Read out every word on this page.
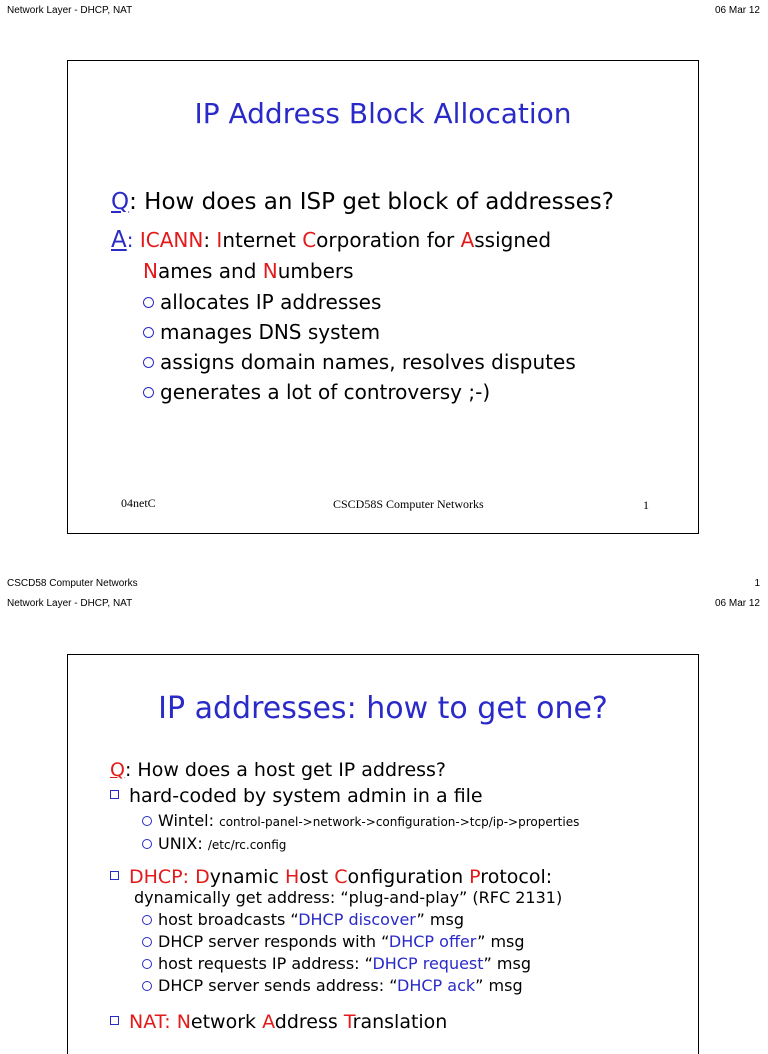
Network Layer - DHCP, NAT	06 Mar 12
IP Address Block Allocation
Q: How does an ISP get block of addresses?
A: ICANN: Internet Corporation for Assigned
Names and Numbers
allocates IP addresses
manages DNS system
assigns domain names, resolves disputes
generates a lot of controversy ;-)
04netC	CSCD58S Computer Networks	1
CSCD58 Computer Networks	1
Network Layer - DHCP, NAT	06 Mar 12
IP addresses: how to get one?
Q: How does a host get IP address?
hard-coded by system admin in a file
Wintel: control-panel->network->configuration->tcp/ip->properties
UNIX: /etc/rc.config
DHCP: Dynamic Host Configuration Protocol:
dynamically get address: “plug-and-play” (RFC 2131)
host broadcasts “DHCP discover” msg
DHCP server responds with “DHCP offer” msg
host requests IP address: “DHCP request” msg
DHCP server sends address: “DHCP ack” msg
NAT: Network Address Translation
